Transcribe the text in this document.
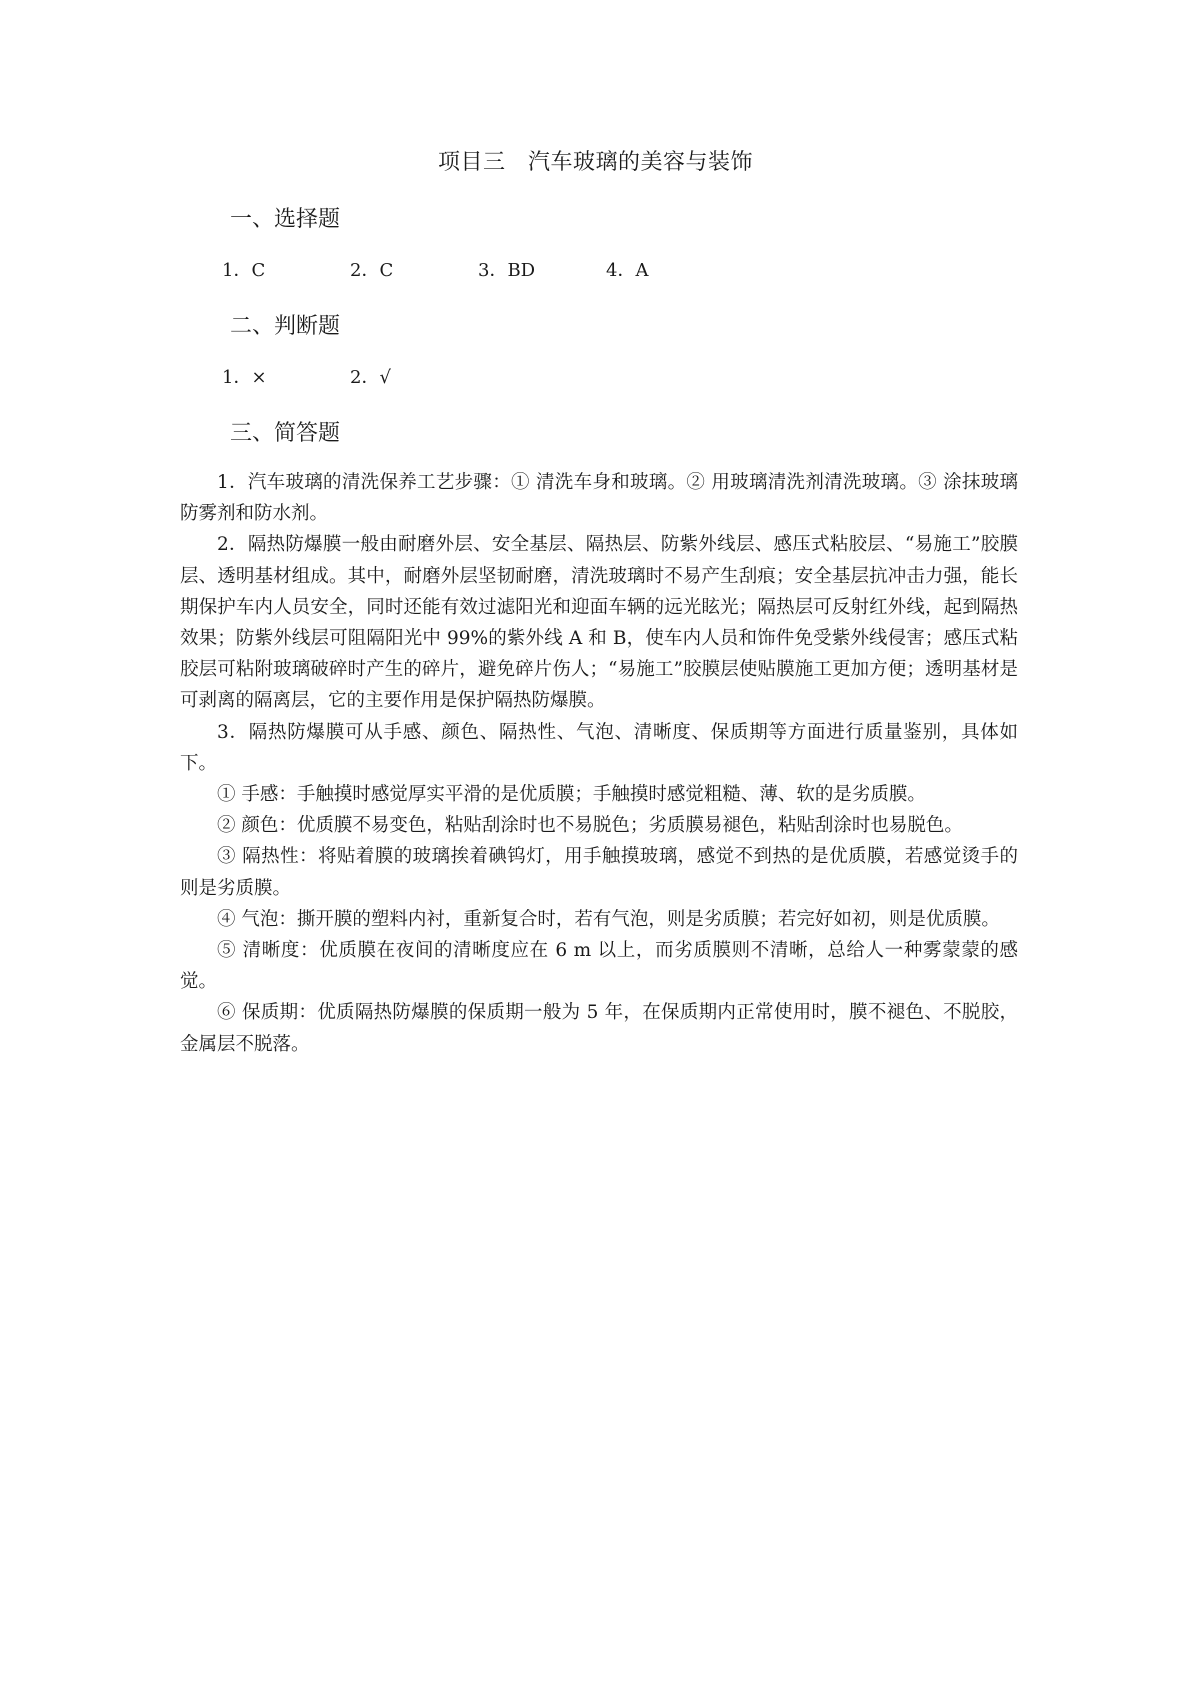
项目三　汽车玻璃的美容与装饰
一、选择题
1．C	2．C	3．BD	4．A
二、判断题
1．×	2．√
三、简答题

1．汽车玻璃的清洗保养工艺步骤：① 清洗车身和玻璃。② 用玻璃清洗剂清洗玻璃。③ 涂抹玻璃防雾剂和防水剂。

2．隔热防爆膜一般由耐磨外层、安全基层、隔热层、防紫外线层、感压式粘胶层、“易施工”胶膜层、透明基材组成。其中，耐磨外层坚韧耐磨，清洗玻璃时不易产生刮痕；安全基层抗冲击力强，能长期保护车内人员安全，同时还能有效过滤阳光和迎面车辆的远光眩光；隔热层可反射红外线，起到隔热效果；防紫外线层可阻隔阳光中 99%的紫外线 A 和 B，使车内人员和饰件免受紫外线侵害；感压式粘胶层可粘附玻璃破碎时产生的碎片，避免碎片伤人；“易施工”胶膜层使贴膜施工更加方便；透明基材是可剥离的隔离层，它的主要作用是保护隔热防爆膜。

3．隔热防爆膜可从手感、颜色、隔热性、气泡、清晰度、保质期等方面进行质量鉴别，具体如下。

① 手感：手触摸时感觉厚实平滑的是优质膜；手触摸时感觉粗糙、薄、软的是劣质膜。

② 颜色：优质膜不易变色，粘贴刮涂时也不易脱色；劣质膜易褪色，粘贴刮涂时也易脱色。

③ 隔热性：将贴着膜的玻璃挨着碘钨灯，用手触摸玻璃，感觉不到热的是优质膜，若感觉烫手的则是劣质膜。

④ 气泡：撕开膜的塑料内衬，重新复合时，若有气泡，则是劣质膜；若完好如初，则是优质膜。

⑤ 清晰度：优质膜在夜间的清晰度应在 6 m 以上，而劣质膜则不清晰，总给人一种雾蒙蒙的感觉。

⑥ 保质期：优质隔热防爆膜的保质期一般为 5 年，在保质期内正常使用时，膜不褪色、不脱胶，金属层不脱落。
